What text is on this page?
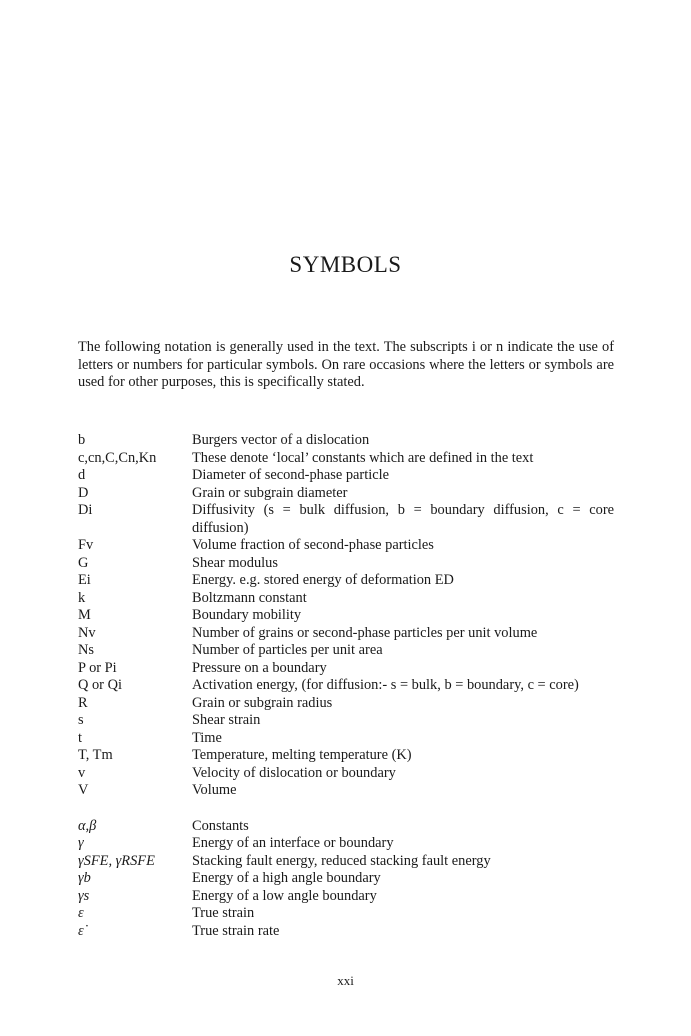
SYMBOLS

The following notation is generally used in the text. The subscripts i or n indicate the use of letters or numbers for particular symbols. On rare occasions where the letters or symbols are used for other purposes, this is specifically stated.

b	Burgers vector of a dislocation
c,cn,C,Cn,Kn	These denote ‘local’ constants which are defined in the text
d	Diameter of second-phase particle
D	Grain or subgrain diameter
Di	Diffusivity (s = bulk diffusion, b = boundary diffusion, c = core diffusion)
Fv	Volume fraction of second-phase particles
G	Shear modulus
Ei	Energy. e.g. stored energy of deformation ED
k	Boltzmann constant
M	Boundary mobility
Nv	Number of grains or second-phase particles per unit volume
Ns	Number of particles per unit area
P or Pi	Pressure on a boundary
Q or Qi	Activation energy, (for diffusion:- s = bulk, b = boundary, c = core)
R	Grain or subgrain radius
s	Shear strain
t	Time
T, Tm	Temperature, melting temperature (K)
v	Velocity of dislocation or boundary
V	Volume
α,β	Constants
γ	Energy of an interface or boundary
γSFE, γRSFE	Stacking fault energy, reduced stacking fault energy
γb	Energy of a high angle boundary
γs	Energy of a low angle boundary
ε	True strain
ε̇	True strain rate
xxi
